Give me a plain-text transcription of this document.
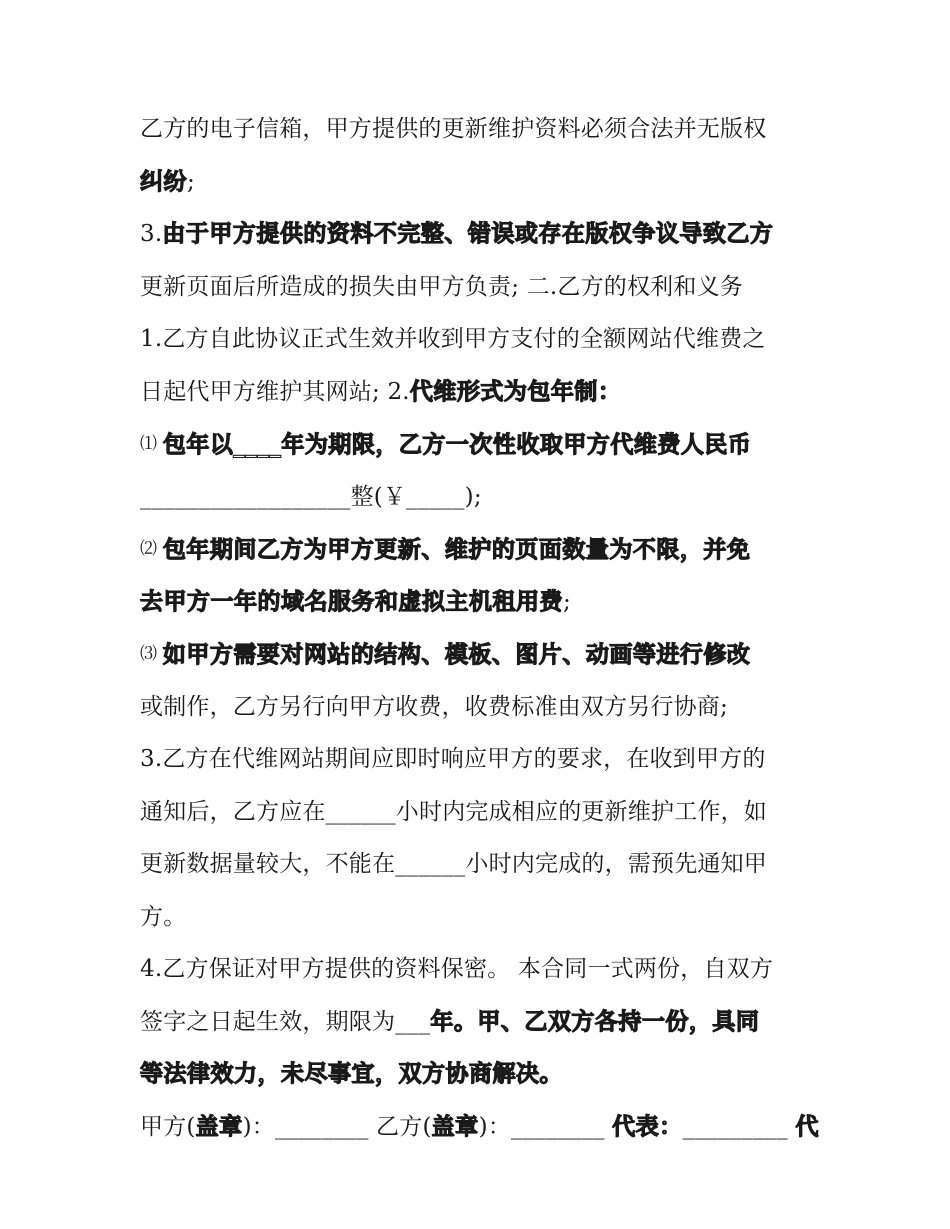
乙方的电子信箱，甲方提供的更新维护资料必须合法并无版权
纠纷;
3.由于甲方提供的资料不完整、错误或存在版权争议导致乙方
更新页面后所造成的损失由甲方负责; 二.乙方的权利和义务
1.乙方自此协议正式生效并收到甲方支付的全额网站代维费之
日起代甲方维护其网站; 2.代维形式为包年制：
⑴ 包年以____年为期限，乙方一次性收取甲方代维费人民币
__________________整(￥_____);
⑵ 包年期间乙方为甲方更新、维护的页面数量为不限，并免
去甲方一年的域名服务和虚拟主机租用费;
⑶ 如甲方需要对网站的结构、模板、图片、动画等进行修改
或制作，乙方另行向甲方收费，收费标准由双方另行协商;
3.乙方在代维网站期间应即时响应甲方的要求，在收到甲方的
通知后，乙方应在______小时内完成相应的更新维护工作，如
更新数据量较大，不能在______小时内完成的，需预先通知甲
方。
4.乙方保证对甲方提供的资料保密。 本合同一式两份，自双方
签字之日起生效，期限为___年。甲、乙双方各持一份，具同
等法律效力，未尽事宜，双方协商解决。
甲方(盖章)：________ 乙方(盖章)：________ 代表：_________ 代
